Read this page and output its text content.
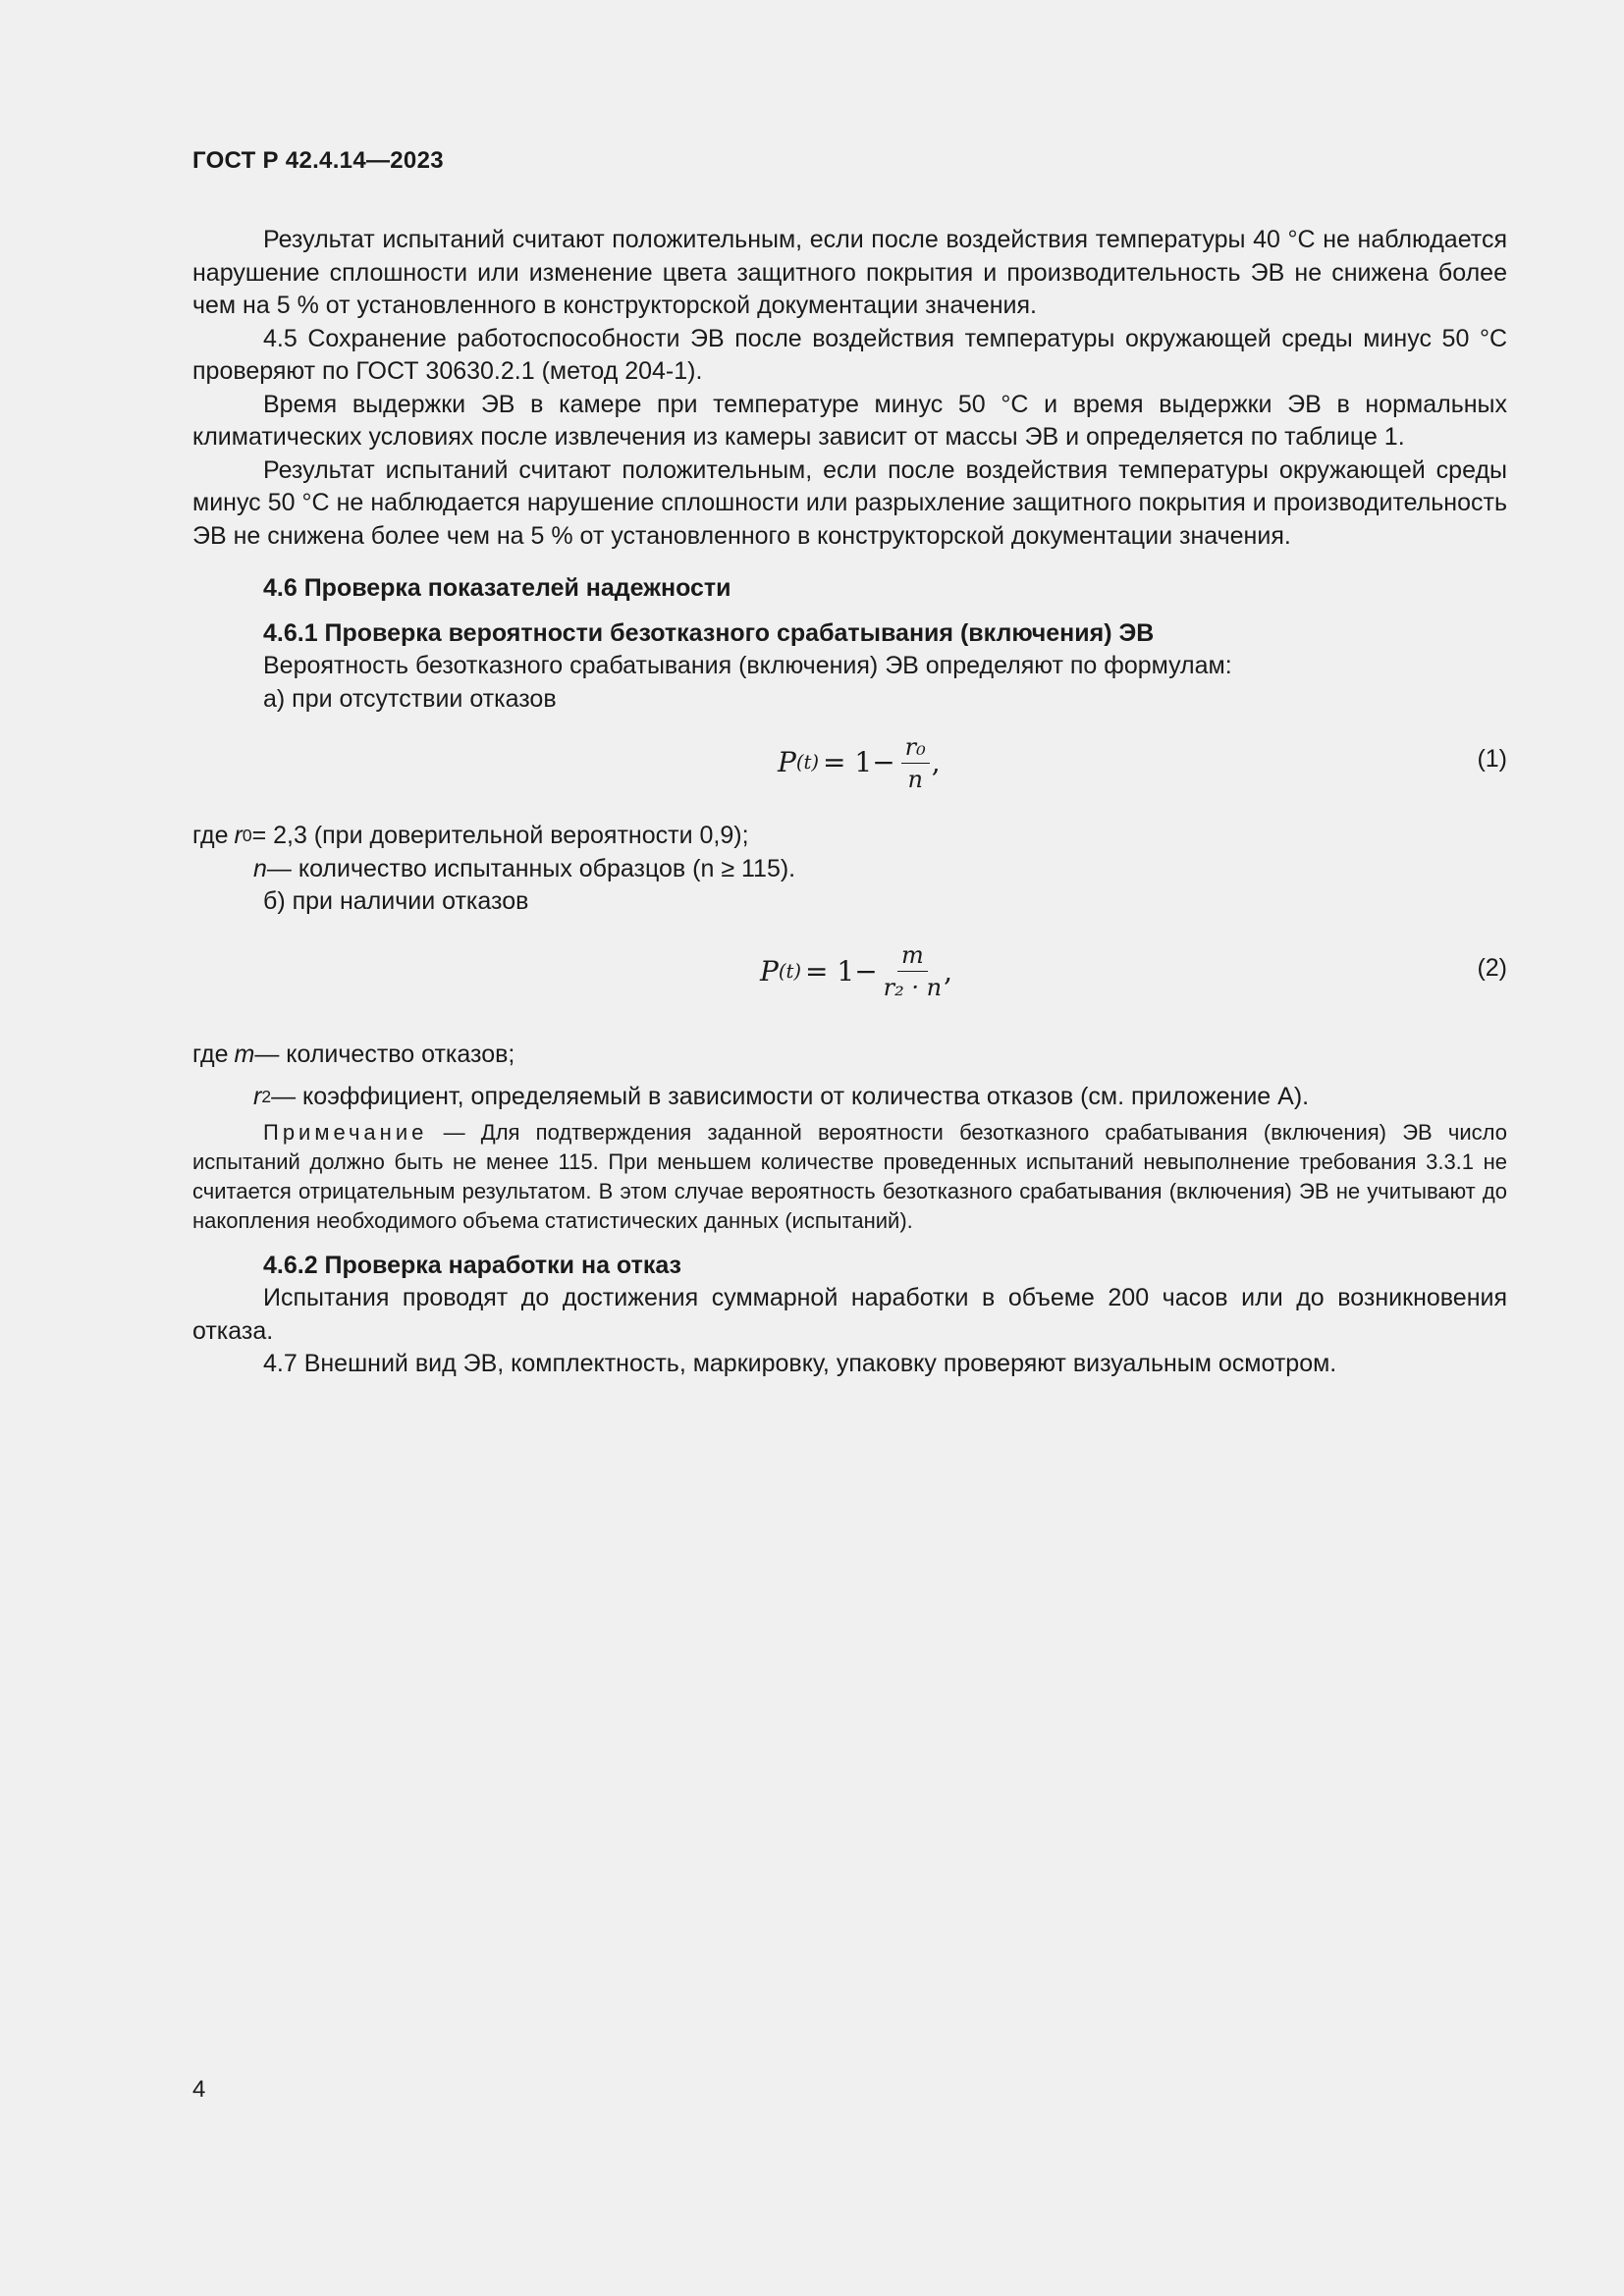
ГОСТ Р 42.4.14—2023

Результат испытаний считают положительным, если после воздействия температуры 40 °С не наблюдается нарушение сплошности или изменение цвета защитного покрытия и производительность ЭВ не снижена более чем на 5 % от установленного в конструкторской документации значения.

4.5 Сохранение работоспособности ЭВ после воздействия температуры окружающей среды минус 50 °С проверяют по ГОСТ 30630.2.1 (метод 204-1).

Время выдержки ЭВ в камере при температуре минус 50 °С и время выдержки ЭВ в нормальных климатических условиях после извлечения из камеры зависит от массы ЭВ и определяется по таблице 1.

Результат испытаний считают положительным, если после воздействия температуры окружающей среды минус 50 °С не наблюдается нарушение сплошности или разрыхление защитного покрытия и производительность ЭВ не снижена более чем на 5 % от установленного в конструкторской документации значения.

4.6 Проверка показателей надежности

4.6.1 Проверка вероятности безотказного срабатывания (включения) ЭВ

Вероятность безотказного срабатывания (включения) ЭВ определяют по формулам:

а) при отсутствии отказов

P $(t) = 1- \frac{\text{r₀}}{n}$ ,	(1)
где r 0 = 2,3 (при доверительной вероятности 0,9);
n — количество испытанных образцов (n ≥ 115).

б) при наличии отказов

P $(t) = 1- \frac{m}{\text{r₂ · n}}$ ,	(2)
где m — количество отказов;
r 2 — коэффициент, определяемый в зависимости от количества отказов (см. приложение А).
Примечание — Для подтверждения заданной вероятности безотказного срабатывания (включения) ЭВ число испытаний должно быть не менее 115. При меньшем количестве проведенных испытаний невыполнение требования 3.3.1 не считается отрицательным результатом. В этом случае вероятность безотказного срабатывания (включения) ЭВ не учитывают до накопления необходимого объема статистических данных (испытаний).

4.6.2 Проверка наработки на отказ

Испытания проводят до достижения суммарной наработки в объеме 200 часов или до возникновения отказа.

4.7 Внешний вид ЭВ, комплектность, маркировку, упаковку проверяют визуальным осмотром.

4
